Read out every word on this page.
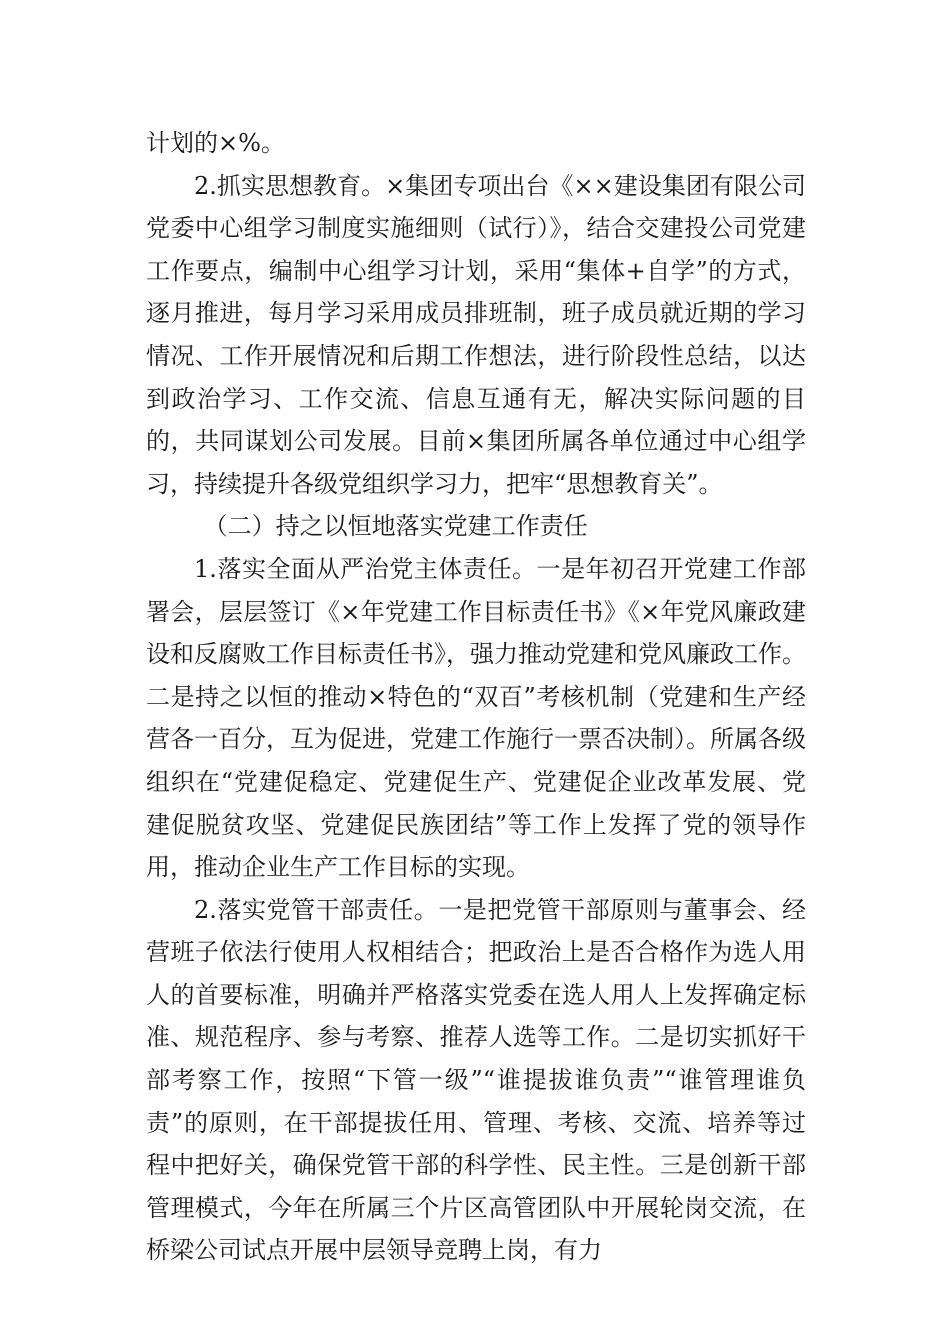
计划的×%。

2.抓实思想教育。×集团专项出台《××建设集团有限公司党委中心组学习制度实施细则（试行）》，结合交建投公司党建工作要点，编制中心组学习计划，采用“集体+自学”的方式，逐月推进，每月学习采用成员排班制，班子成员就近期的学习情况、工作开展情况和后期工作想法，进行阶段性总结，以达到政治学习、工作交流、信息互通有无，解决实际问题的目的，共同谋划公司发展。目前×集团所属各单位通过中心组学习，持续提升各级党组织学习力，把牢“思想教育关”。

（二）持之以恒地落实党建工作责任

1.落实全面从严治党主体责任。一是年初召开党建工作部署会，层层签订《×年党建工作目标责任书》《×年党风廉政建设和反腐败工作目标责任书》，强力推动党建和党风廉政工作。二是持之以恒的推动×特色的“双百”考核机制（党建和生产经营各一百分，互为促进，党建工作施行一票否决制）。所属各级组织在“党建促稳定、党建促生产、党建促企业改革发展、党建促脱贫攻坚、党建促民族团结”等工作上发挥了党的领导作用，推动企业生产工作目标的实现。

2.落实党管干部责任。一是把党管干部原则与董事会、经营班子依法行使用人权相结合；把政治上是否合格作为选人用人的首要标准，明确并严格落实党委在选人用人上发挥确定标准、规范程序、参与考察、推荐人选等工作。二是切实抓好干部考察工作，按照“下管一级”“谁提拔谁负责”“谁管理谁负责”的原则，在干部提拔任用、管理、考核、交流、培养等过程中把好关，确保党管干部的科学性、民主性。三是创新干部管理模式，今年在所属三个片区高管团队中开展轮岗交流，在桥梁公司试点开展中层领导竞聘上岗，有力
